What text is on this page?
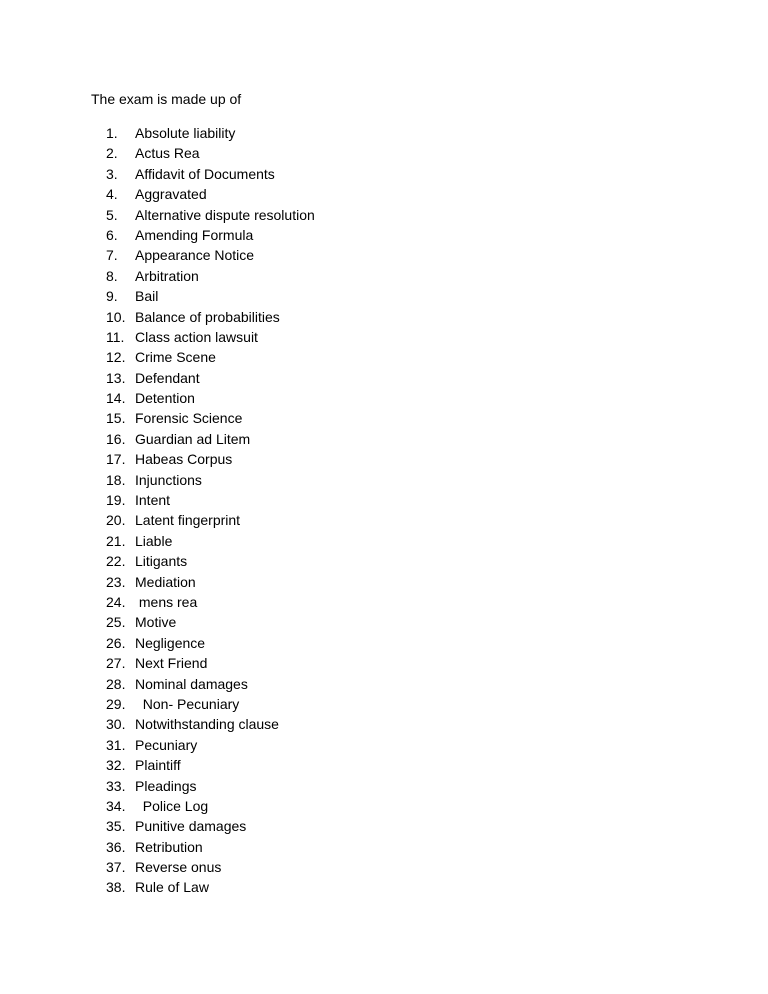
The exam is made up of

1. Absolute liability
2. Actus Rea
3. Affidavit of Documents
4. Aggravated
5. Alternative dispute resolution
6. Amending Formula
7. Appearance Notice
8. Arbitration
9. Bail
10. Balance of probabilities
11. Class action lawsuit
12. Crime Scene
13. Defendant
14. Detention
15. Forensic Science
16. Guardian ad Litem
17. Habeas Corpus
18. Injunctions
19. Intent
20. Latent fingerprint
21. Liable
22. Litigants
23. Mediation
24. mens rea
25. Motive
26. Negligence
27. Next Friend
28. Nominal damages
29. Non- Pecuniary
30. Notwithstanding clause
31. Pecuniary
32. Plaintiff
33. Pleadings
34. Police Log
35. Punitive damages
36. Retribution
37. Reverse onus
38. Rule of Law
